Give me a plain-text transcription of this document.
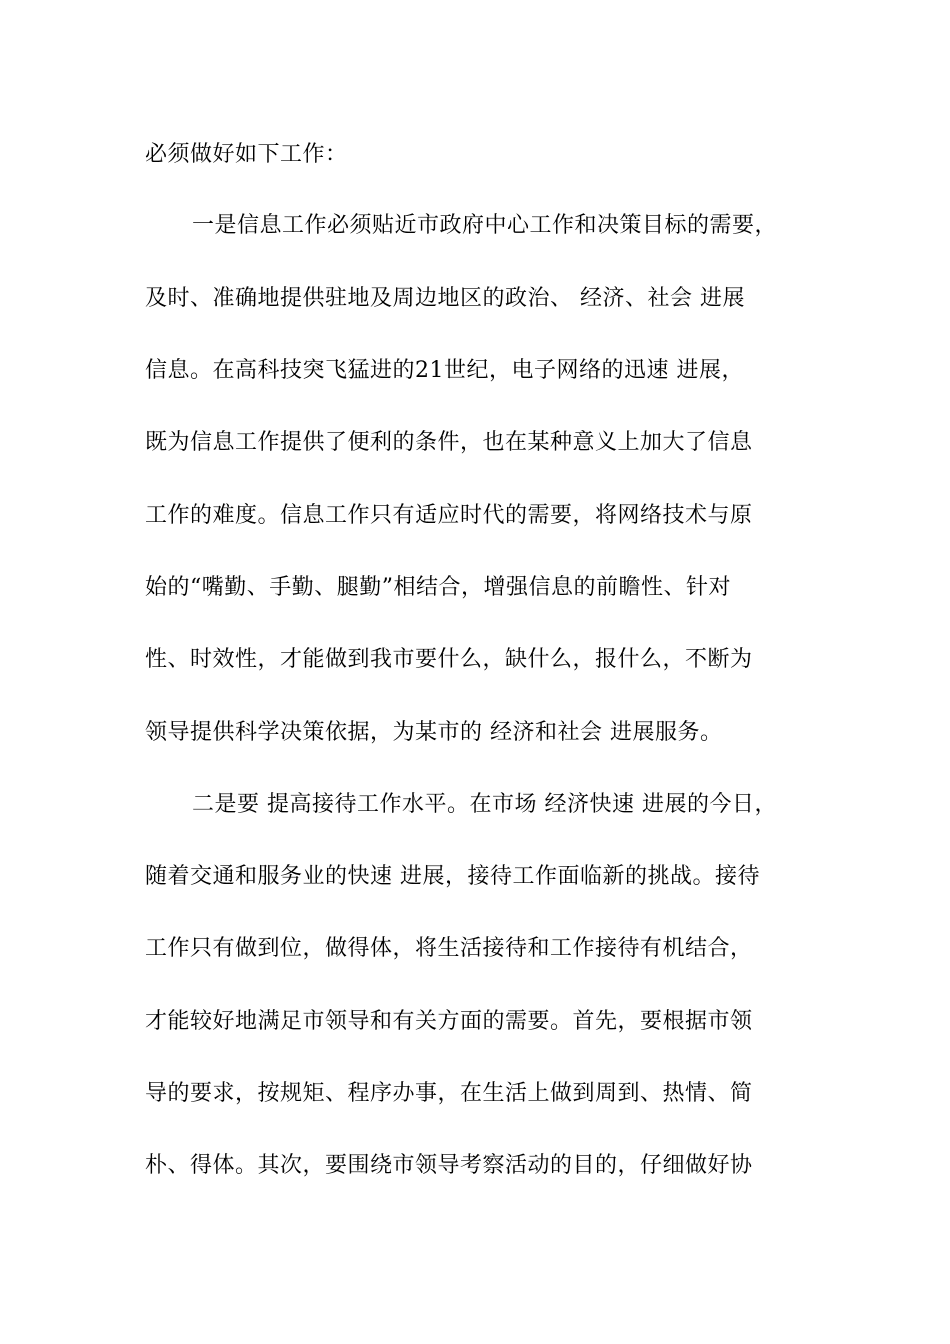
必须做好如下工作：
一是信息工作必须贴近市政府中心工作和决策目标的需要，
及时、准确地提供驻地及周边地区的政治、 经济、社会 进展
信息。在高科技突飞猛进的21世纪，电子网络的迅速 进展，
既为信息工作提供了便利的条件，也在某种意义上加大了信息
工作的难度。信息工作只有适应时代的需要，将网络技术与原
始的“嘴勤、手勤、腿勤”相结合，增强信息的前瞻性、针对
性、时效性，才能做到我市要什么，缺什么，报什么，不断为
领导提供科学决策依据，为某市的 经济和社会 进展服务。
二是要 提高接待工作水平。在市场 经济快速 进展的今日，
随着交通和服务业的快速 进展，接待工作面临新的挑战。接待
工作只有做到位，做得体，将生活接待和工作接待有机结合，
才能较好地满足市领导和有关方面的需要。首先，要根据市领
导的要求，按规矩、程序办事，在生活上做到周到、热情、简
朴、得体。其次，要围绕市领导考察活动的目的，仔细做好协
